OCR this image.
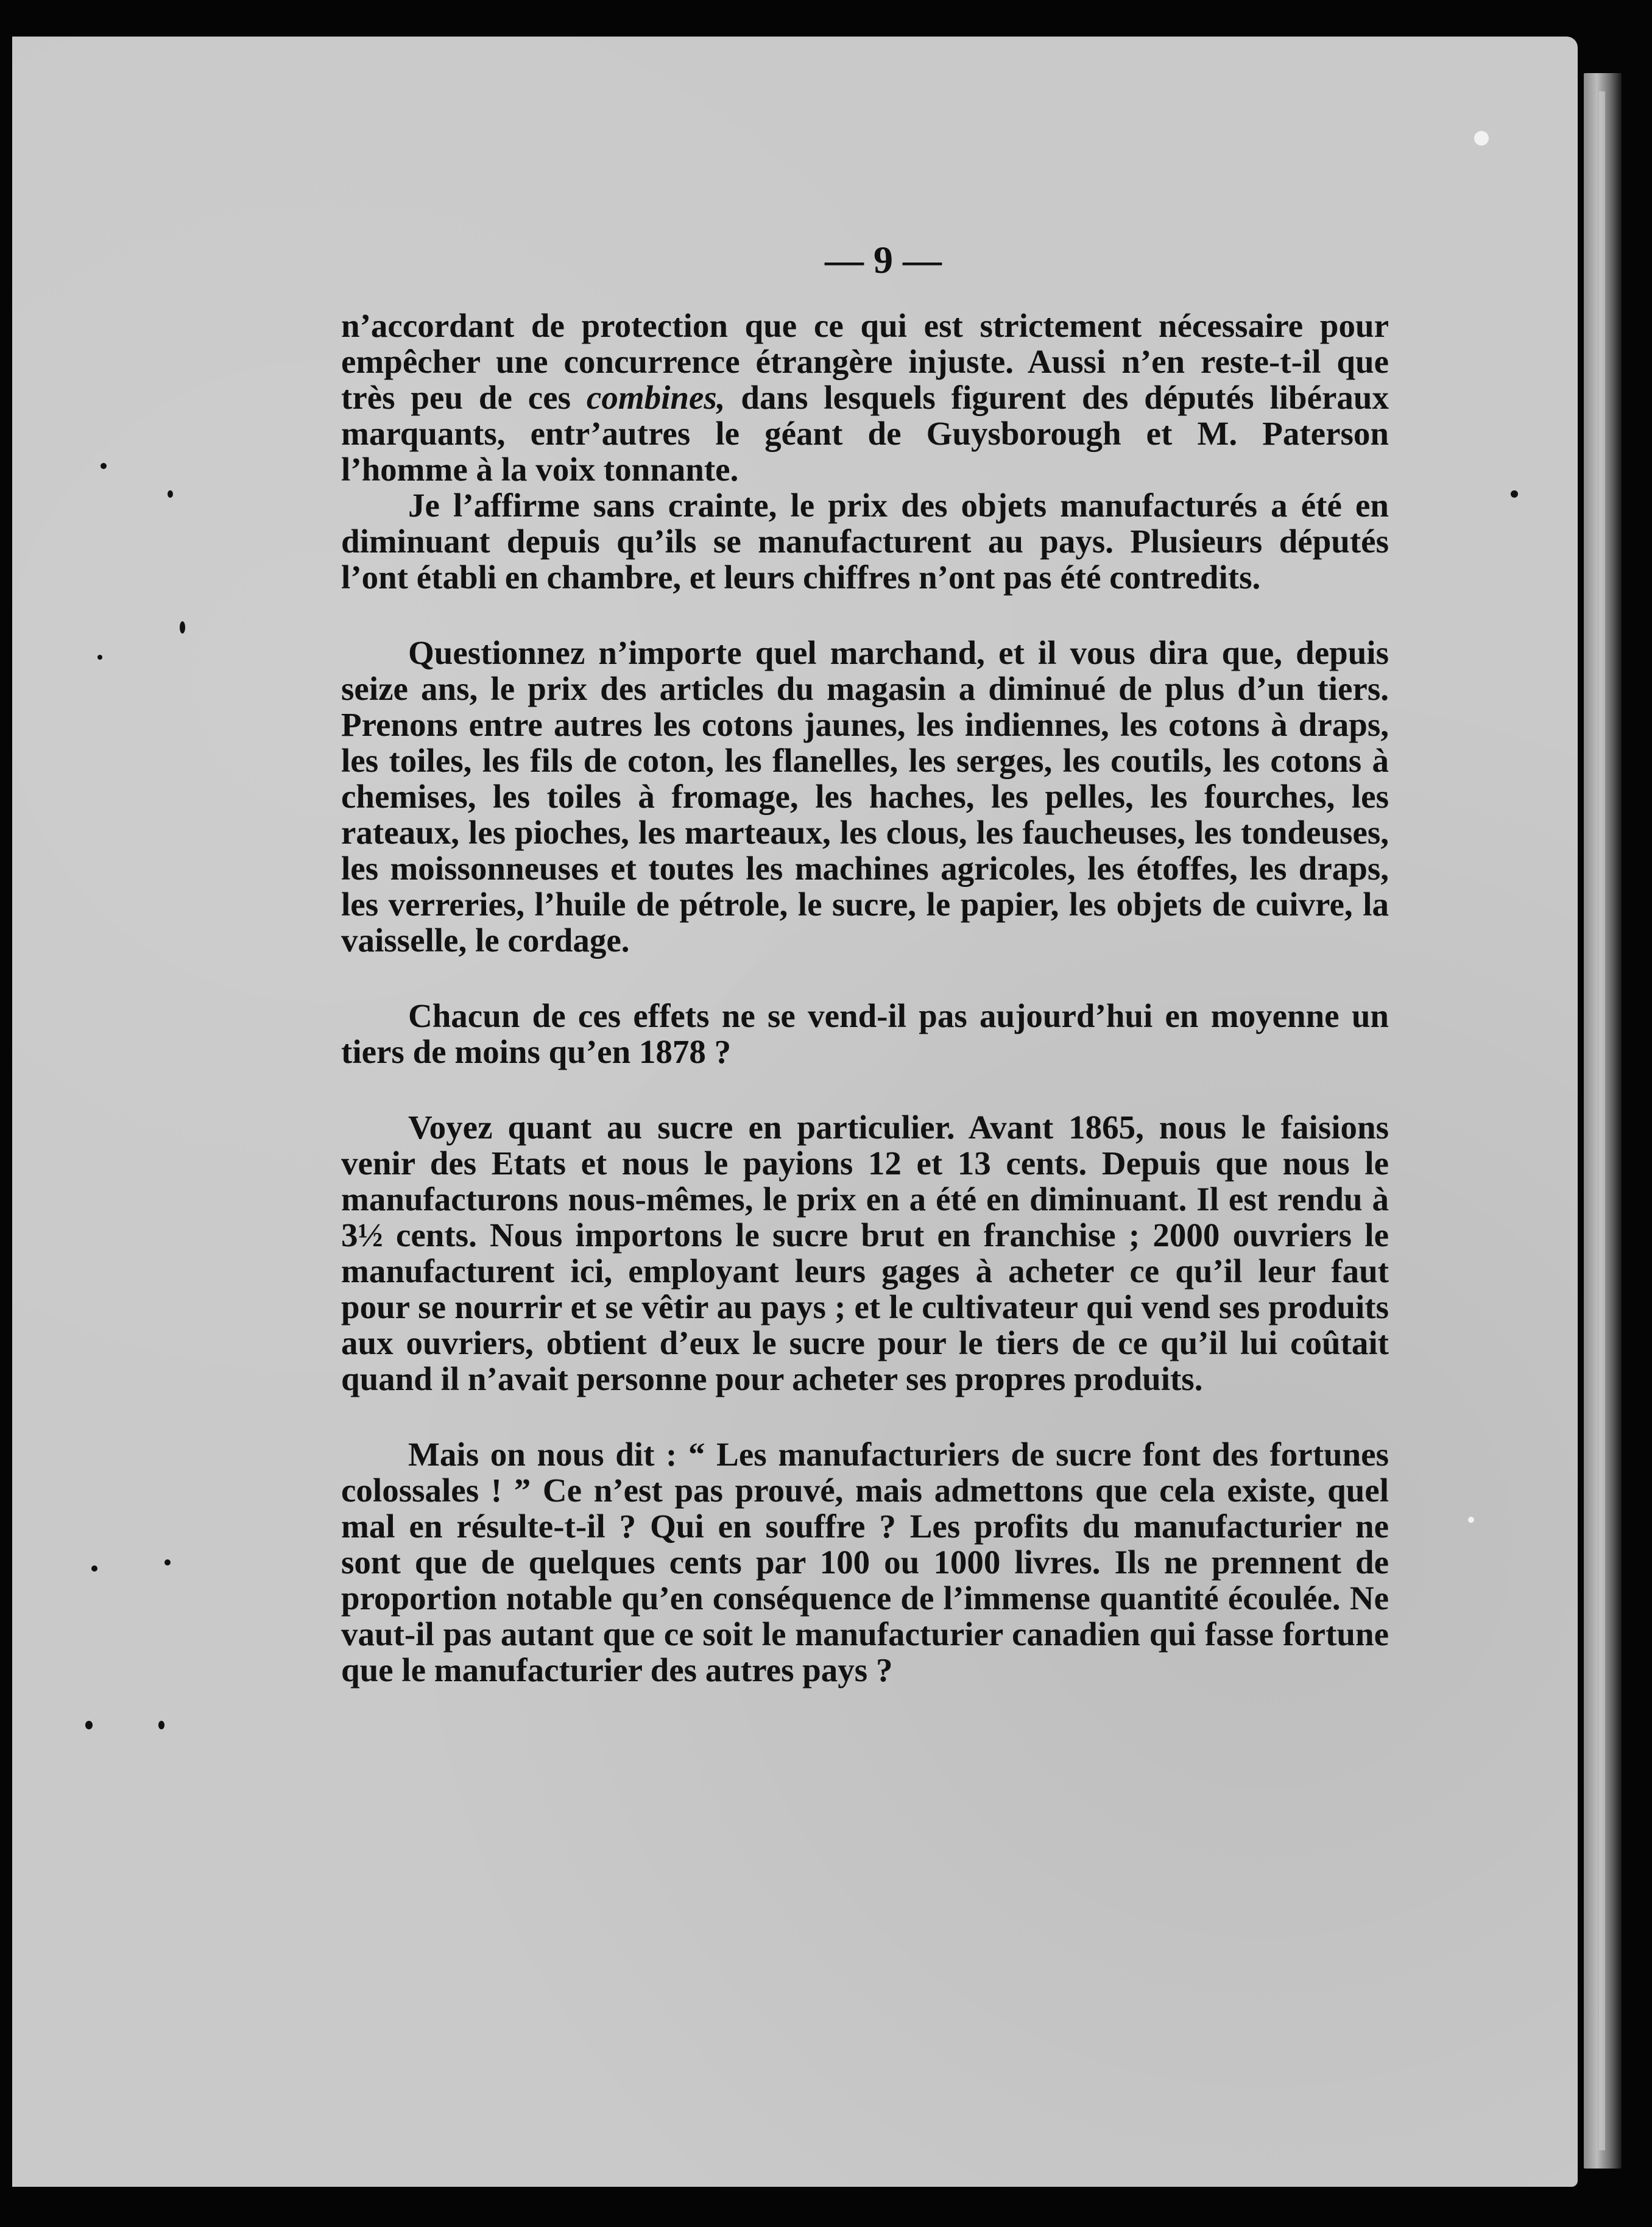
— 9 —

n’accordant de protection que ce qui est strictement nécessaire pour empêcher une concurrence étrangère injuste. Aussi n’en reste-t-il que très peu de ces combines, dans lesquels figurent des députés libéraux marquants, entr’autres le géant de Guysborough et M. Paterson l’homme à la voix tonnante.

Je l’affirme sans crainte, le prix des objets manufacturés a été en diminuant depuis qu’ils se manufacturent au pays. Plusieurs députés l’ont établi en chambre, et leurs chiffres n’ont pas été contredits.

Questionnez n’importe quel marchand, et il vous dira que, depuis seize ans, le prix des articles du magasin a diminué de plus d’un tiers. Prenons entre autres les cotons jaunes, les indiennes, les cotons à draps, les toiles, les fils de coton, les flanelles, les serges, les coutils, les cotons à chemises, les toiles à fromage, les haches, les pelles, les fourches, les rateaux, les pioches, les marteaux, les clous, les faucheuses, les tondeuses, les moissonneuses et toutes les machines agricoles, les étoffes, les draps, les verreries, l’huile de pétrole, le sucre, le papier, les objets de cuivre, la vaisselle, le cordage.

Chacun de ces effets ne se vend-il pas aujourd’hui en moyenne un tiers de moins qu’en 1878 ?

Voyez quant au sucre en particulier. Avant 1865, nous le faisions venir des Etats et nous le payions 12 et 13 cents. Depuis que nous le manufacturons nous-mêmes, le prix en a été en diminuant. Il est rendu à 3½ cents. Nous importons le sucre brut en franchise ; 2000 ouvriers le manufacturent ici, employant leurs gages à acheter ce qu’il leur faut pour se nourrir et se vêtir au pays ; et le cultivateur qui vend ses produits aux ouvriers, obtient d’eux le sucre pour le tiers de ce qu’il lui coûtait quand il n’avait personne pour acheter ses propres produits.

Mais on nous dit : “ Les manufacturiers de sucre font des fortunes colossales ! ” Ce n’est pas prouvé, mais admettons que cela existe, quel mal en résulte-t-il ? Qui en souffre ? Les profits du manufacturier ne sont que de quelques cents par 100 ou 1000 livres. Ils ne prennent de proportion notable qu’en conséquence de l’immense quantité écoulée. Ne vaut-il pas autant que ce soit le manufacturier canadien qui fasse fortune que le manufacturier des autres pays ?
